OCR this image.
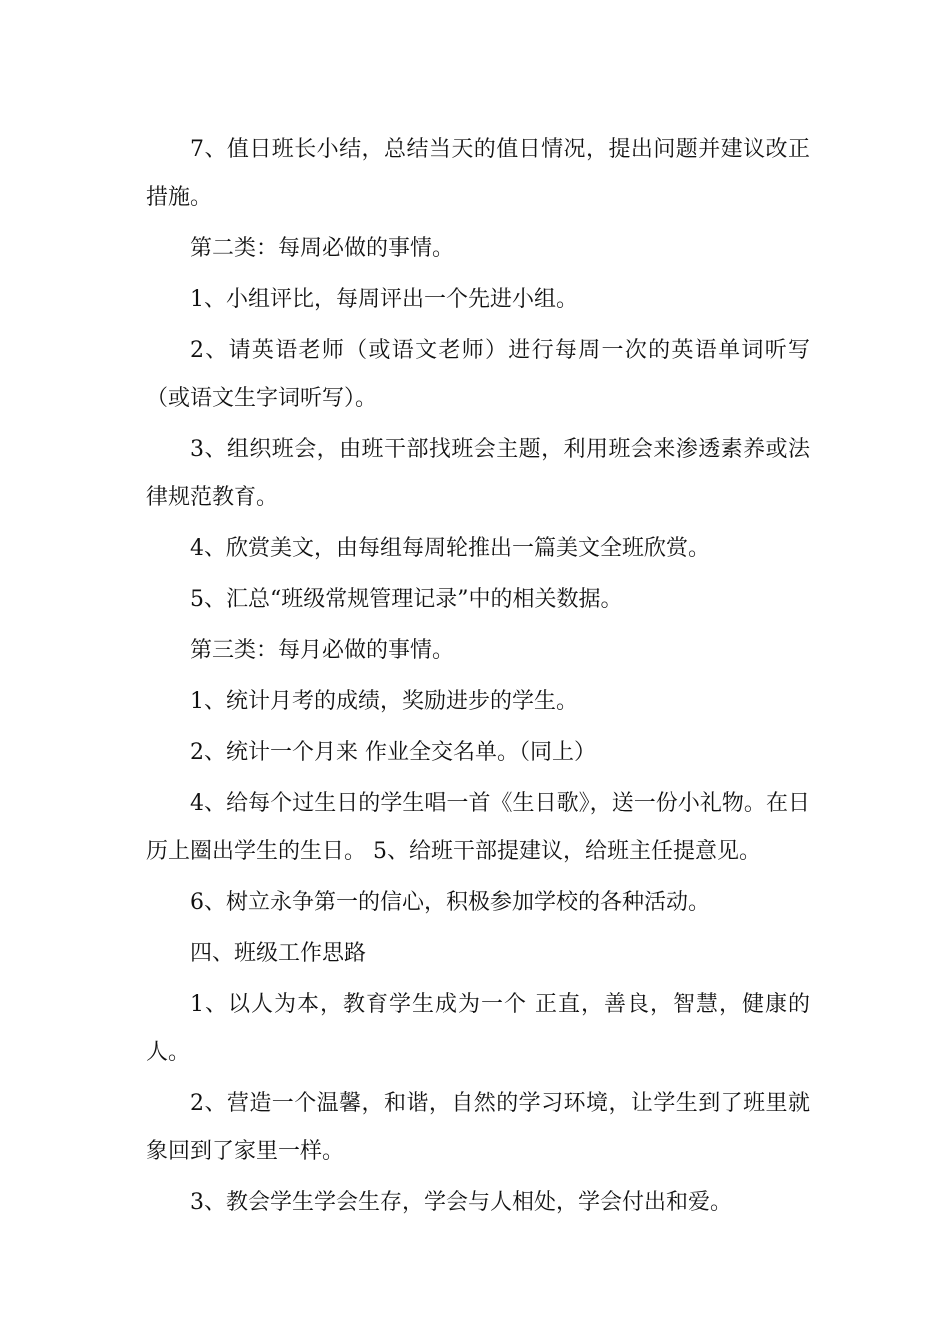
7、值日班长小结，总结当天的值日情况，提出问题并建议改正措施。

第二类：每周必做的事情。

1、小组评比，每周评出一个先进小组。

2、请英语老师（或语文老师）进行每周一次的英语单词听写（或语文生字词听写）。

3、组织班会，由班干部找班会主题，利用班会来渗透素养或法律规范教育。

4、欣赏美文，由每组每周轮推出一篇美文全班欣赏。

5、汇总“班级常规管理记录”中的相关数据。

第三类：每月必做的事情。

1、统计月考的成绩，奖励进步的学生。

2、统计一个月来 作业全交名单。（同上）

4、给每个过生日的学生唱一首《生日歌》，送一份小礼物。在日历上圈出学生的生日。 5、给班干部提建议，给班主任提意见。

6、树立永争第一的信心，积极参加学校的各种活动。

四、班级工作思路

1、以人为本，教育学生成为一个 正直，善良，智慧，健康的人。

2、营造一个温馨，和谐，自然的学习环境，让学生到了班里就象回到了家里一样。

3、教会学生学会生存，学会与人相处，学会付出和爱。
